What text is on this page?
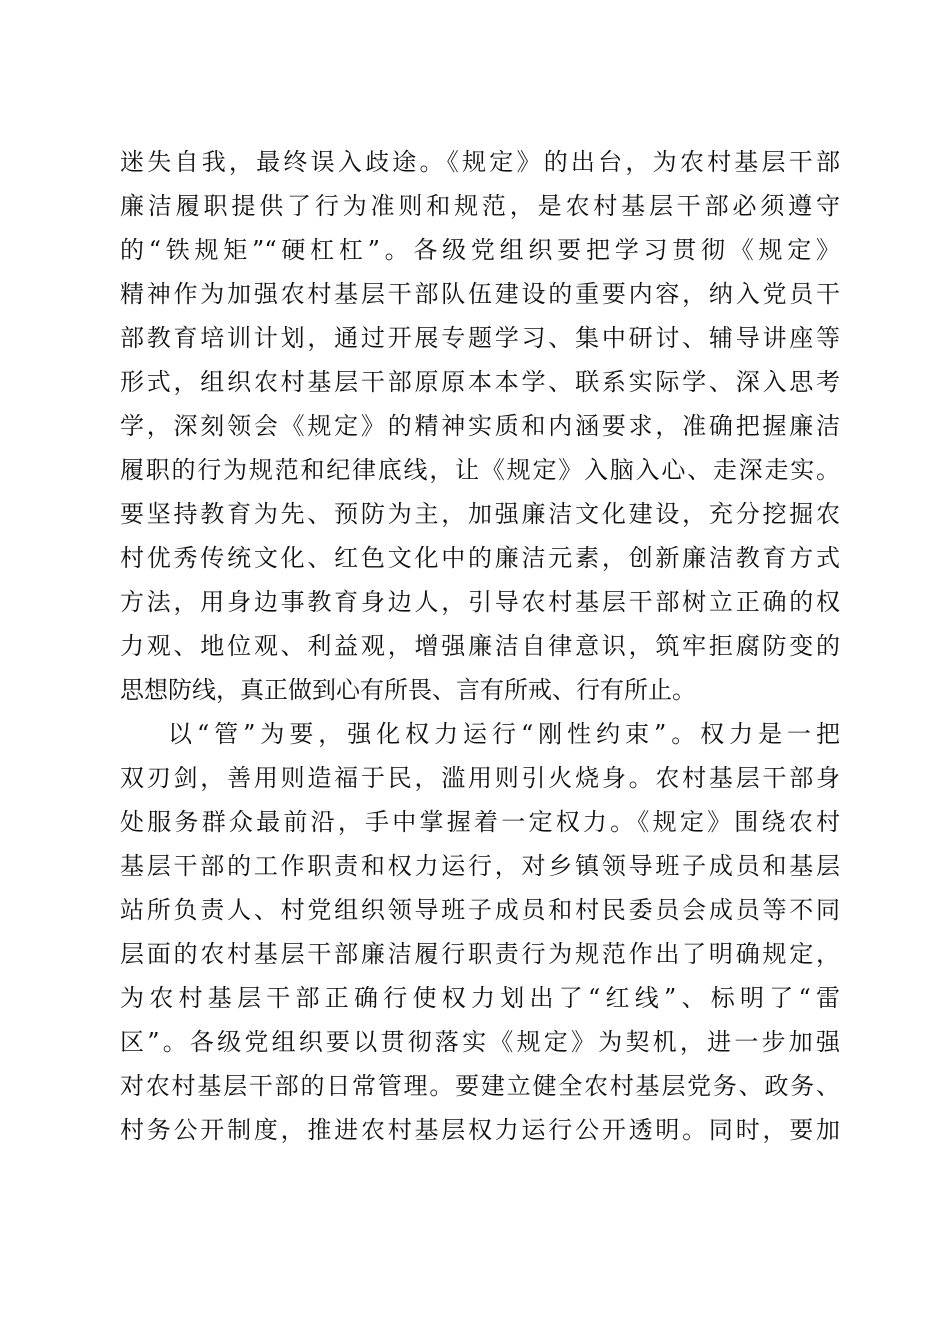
迷失自我，最终误入歧途。《规定》的出台，为农村基层干部
廉洁履职提供了行为准则和规范，是农村基层干部必须遵守
的“铁规矩”“硬杠杠”。各级党组织要把学习贯彻《规定》
精神作为加强农村基层干部队伍建设的重要内容，纳入党员干
部教育培训计划，通过开展专题学习、集中研讨、辅导讲座等
形式，组织农村基层干部原原本本学、联系实际学、深入思考
学，深刻领会《规定》的精神实质和内涵要求，准确把握廉洁
履职的行为规范和纪律底线，让《规定》入脑入心、走深走实。
要坚持教育为先、预防为主，加强廉洁文化建设，充分挖掘农
村优秀传统文化、红色文化中的廉洁元素，创新廉洁教育方式
方法，用身边事教育身边人，引导农村基层干部树立正确的权
力观、地位观、利益观，增强廉洁自律意识，筑牢拒腐防变的
思想防线，真正做到心有所畏、言有所戒、行有所止。
以“管”为要，强化权力运行“刚性约束”。权力是一把
双刃剑，善用则造福于民，滥用则引火烧身。农村基层干部身
处服务群众最前沿，手中掌握着一定权力。《规定》围绕农村
基层干部的工作职责和权力运行，对乡镇领导班子成员和基层
站所负责人、村党组织领导班子成员和村民委员会成员等不同
层面的农村基层干部廉洁履行职责行为规范作出了明确规定，
为农村基层干部正确行使权力划出了“红线”、标明了“雷
区”。各级党组织要以贯彻落实《规定》为契机，进一步加强
对农村基层干部的日常管理。要建立健全农村基层党务、政务、
村务公开制度，推进农村基层权力运行公开透明。同时，要加
